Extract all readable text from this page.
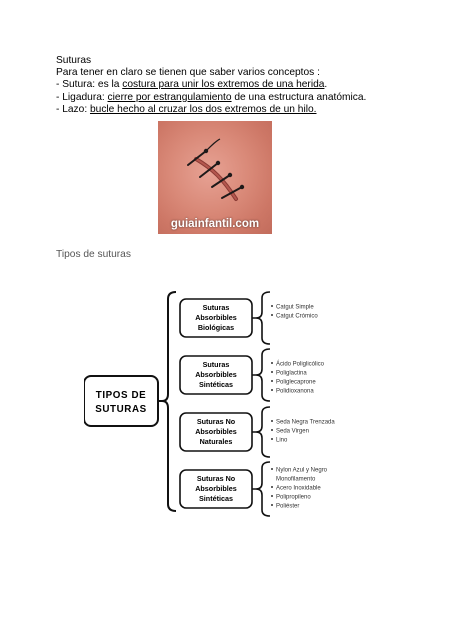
Suturas

Para tener en claro se tienen que saber varios conceptos :

- Sutura: es la costura para unir los extremos de una herida.

- Ligadura: cierre por estrangulamiento de una estructura anatómica.

- Lazo: bucle hecho al cruzar los dos extremos de un hilo.

guiainfantil.com
Tipos de suturas
TIPOS DE
SUTURAS
Suturas
Absorbibles
Biológicas
Catgut Simple
Catgut Crómico
Suturas
Absorbibles
Sintéticas
Ácido Poliglicólico
Poliglactina
Poliglecaprone
Polidioxanona
Suturas No
Absorbibles
Naturales
Seda Negra Trenzada
Seda Virgen
Lino
Suturas No
Absorbibles
Sintéticas
Nylon Azul y Negro
Monofilamento
Acero Inoxidable
Polipropileno
Poliéster
